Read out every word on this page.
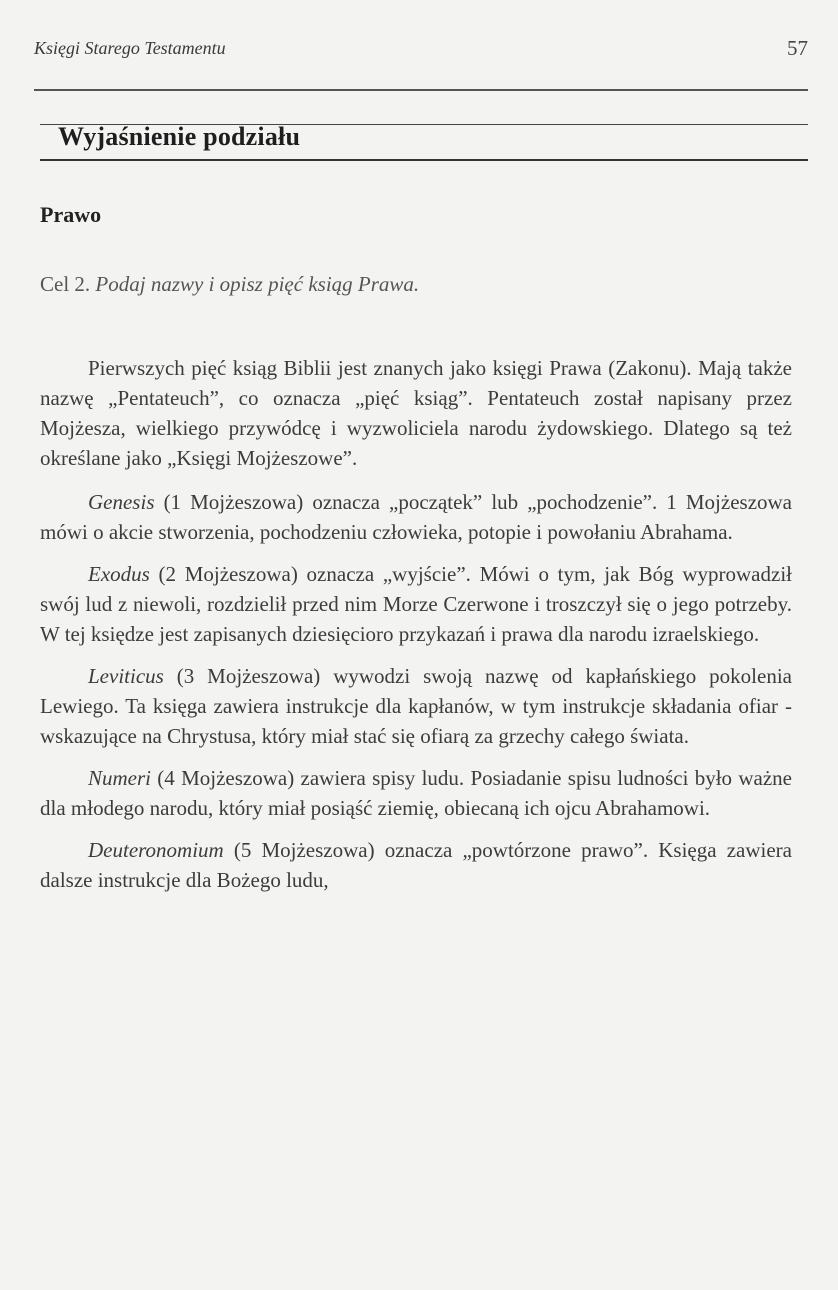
Księgi Starego Testamentu	57
Wyjaśnienie podziału
Prawo
Cel 2. Podaj nazwy i opisz pięć ksiąg Prawa.

Pierwszych pięć ksiąg Biblii jest znanych jako księgi Prawa (Zakonu). Mają także nazwę „Pentateuch”, co oznacza „pięć ksiąg”. Pentateuch został napisany przez Mojżesza, wielkiego przywódcę i wyzwoliciela narodu żydowskiego. Dlatego są też określane jako „Księgi Mojżeszowe”.

Genesis (1 Mojżeszowa) oznacza „początek” lub „pochodzenie”. 1 Mojżeszowa mówi o akcie stworzenia, pochodzeniu człowieka, potopie i powołaniu Abrahama.

Exodus (2 Mojżeszowa) oznacza „wyjście”. Mówi o tym, jak Bóg wyprowadził swój lud z niewoli, rozdzielił przed nim Morze Czerwone i troszczył się o jego potrzeby. W tej księdze jest zapisanych dziesięcioro przykazań i prawa dla narodu izraelskiego.

Leviticus (3 Mojżeszowa) wywodzi swoją nazwę od kapłańskiego pokolenia Lewiego. Ta księga zawiera instrukcje dla kapłanów, w tym instrukcje składania ofiar - wskazujące na Chrystusa, który miał stać się ofiarą za grzechy całego świata.

Numeri (4 Mojżeszowa) zawiera spisy ludu. Posiadanie spisu ludności było ważne dla młodego narodu, który miał posiąść ziemię, obiecaną ich ojcu Abrahamowi.

Deuteronomium (5 Mojżeszowa) oznacza „powtórzone prawo”. Księga zawiera dalsze instrukcje dla Bożego ludu,
